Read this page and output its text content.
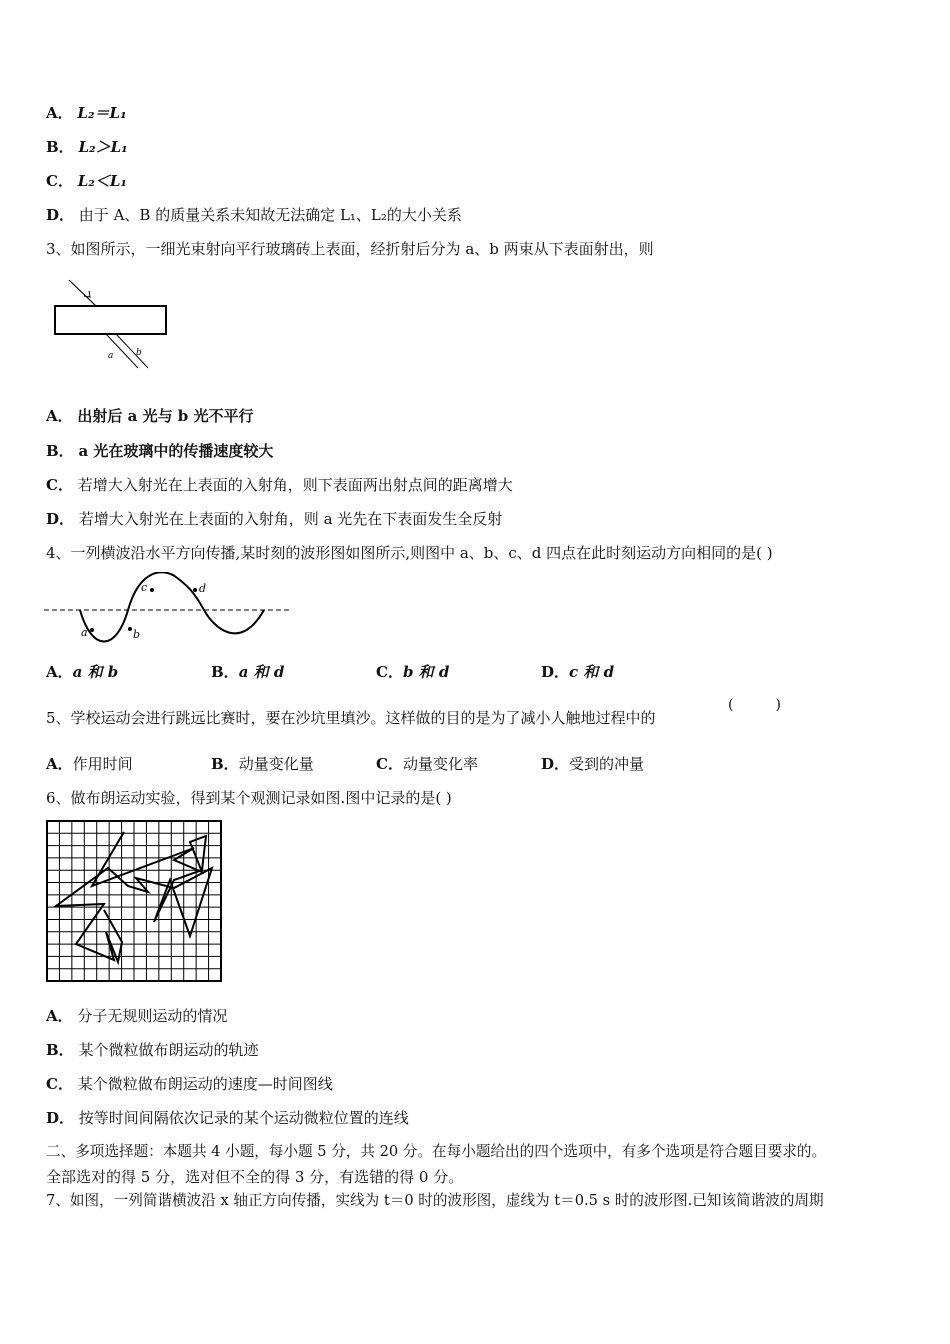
A． L₂＝L₁
B． L₂＞L₁
C． L₂＜L₁
D． 由于 A、B 的质量关系未知故无法确定 L₁、L₂的大小关系
3、如图所示，一细光束射向平行玻璃砖上表面，经折射后分为 a、b 两束从下表面射出，则
a	b
A． 出射后 a 光与 b 光不平行
B． a 光在玻璃中的传播速度较大
C． 若增大入射光在上表面的入射角，则下表面两出射点间的距离增大
D． 若增大入射光在上表面的入射角，则 a 光先在下表面发生全反射
4、一列横波沿水平方向传播,某时刻的波形图如图所示,则图中 a、b、c、d 四点在此时刻运动方向相同的是( )
a	b
c	d
A．a 和 b	B．a 和 d	C．b 和 d	D．c 和 d
5、学校运动会进行跳远比赛时，要在沙坑里填沙。这样做的目的是为了减小人触地过程中的
(　　　)
A．作用时间	B．动量变化量	C．动量变化率	D．受到的冲量
6、做布朗运动实验，得到某个观测记录如图.图中记录的是( )
A． 分子无规则运动的情况
B． 某个微粒做布朗运动的轨迹
C． 某个微粒做布朗运动的速度—时间图线
D． 按等时间间隔依次记录的某个运动微粒位置的连线
二、多项选择题：本题共 4 小题，每小题 5 分，共 20 分。在每小题给出的四个选项中，有多个选项是符合题目要求的。
全部选对的得 5 分，选对但不全的得 3 分，有选错的得 0 分。
7、如图，一列简谐横波沿 x 轴正方向传播，实线为 t＝0 时的波形图，虚线为 t＝0.5 s 时的波形图.已知该简谐波的周期
